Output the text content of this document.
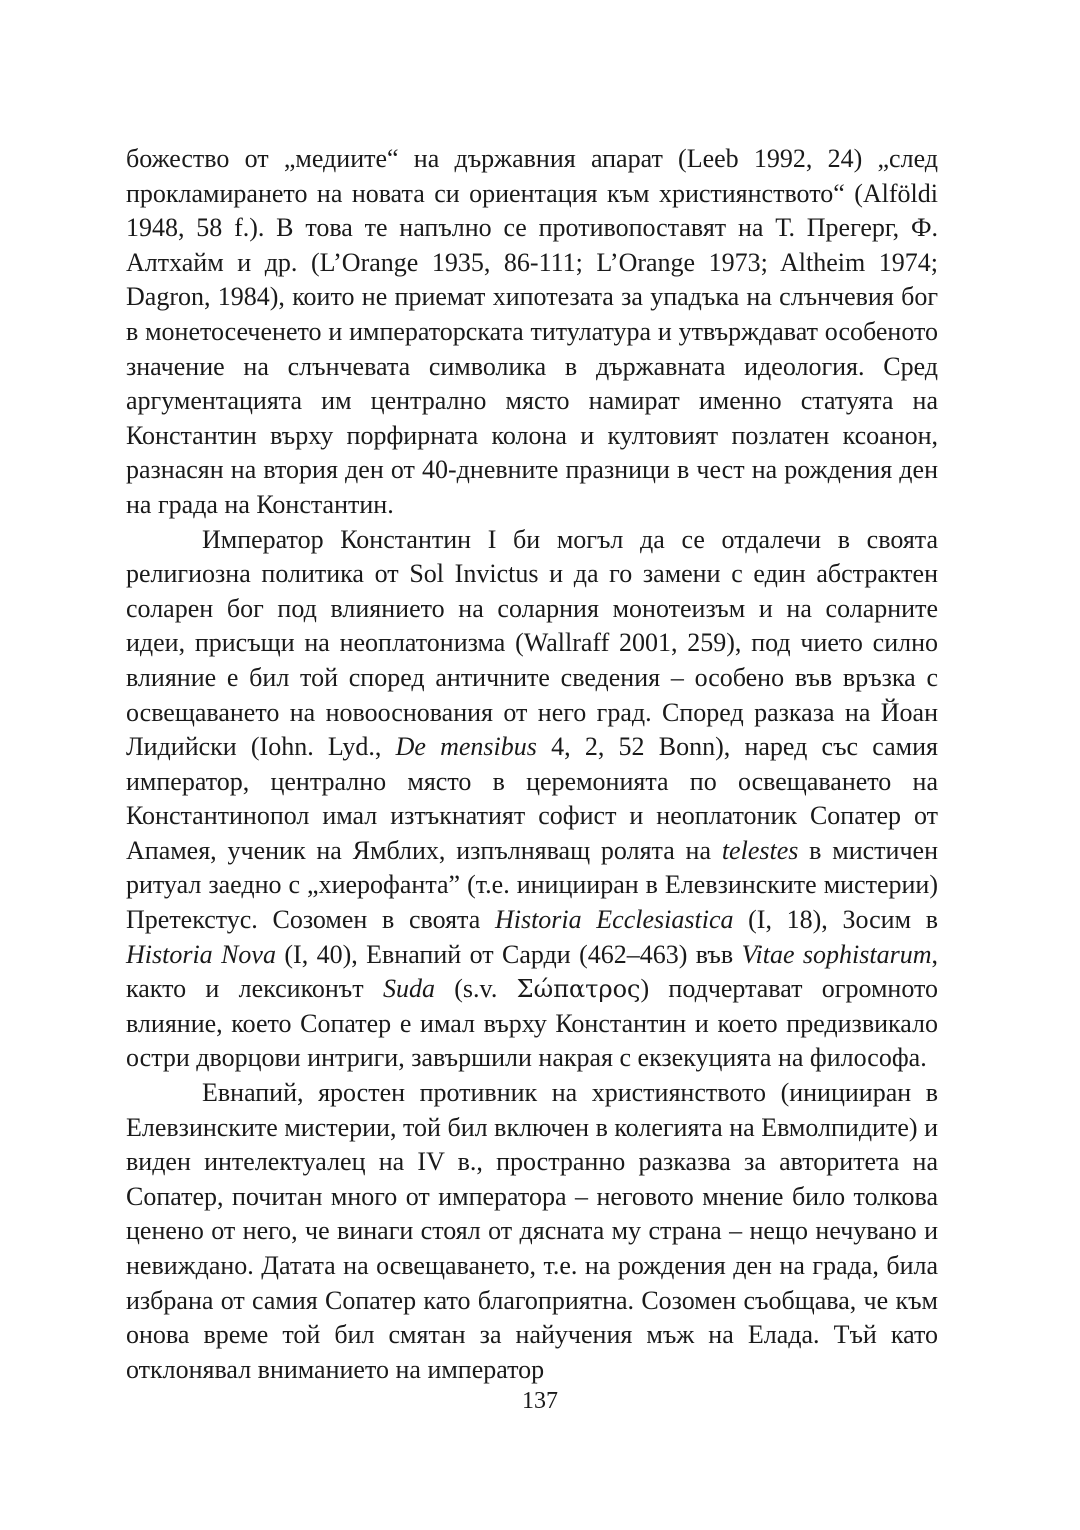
божество от „медиите“ на държавния апарат (Leeb 1992, 24) „след прокламирането на новата си ориентация към християнството“ (Alföldi 1948, 58 f.). В това те напълно се противопоставят на Т. Прегерг, Ф. Алтхайм и др. (L’Orange 1935, 86-111; L’Orange 1973; Altheim 1974; Dagron, 1984), които не приемат хипотезата за упадъка на слънчевия бог в монетосеченето и императорската титулатура и утвърждават особеното значение на слънчевата символика в държавната идеология. Сред аргументацията им централно място намират именно статуята на Константин върху порфирната колона и култовият позлатен ксоанон, разнасян на втория ден от 40-дневните празници в чест на рождения ден на града на Константин.

Император Константин I би могъл да се отдалечи в своята религиозна политика от Sol Invictus и да го замени с един абстрактен соларен бог под влиянието на соларния монотеизъм и на соларните идеи, присъщи на неоплатонизма (Wallraff 2001, 259), под чието силно влияние е бил той според античните сведения – особено във връзка с освещаването на новооснования от него град. Според разказа на Йоан Лидийски (Iohn. Lyd., De mensibus 4, 2, 52 Bonn), наред със самия император, централно място в церемонията по освещаването на Константинопол имал изтъкнатият софист и неоплатоник Сопатер от Апамея, ученик на Ямблих, изпълняващ ролята на telestes в мистичен ритуал заедно с „хиерофанта” (т.е. иницииран в Елевзинските мистерии) Претекстус. Созомен в своята Historia Ecclesiastica (I, 18), Зосим в Historia Nova (I, 40), Евнапий от Сарди (462–463) във Vitae sophistarum, както и лексиконът Suda (s.v. Σώπατρος) подчертават огромното влияние, което Сопатер е имал върху Константин и което предизвикало остри дворцови интриги, завършили накрая с екзекуцията на философа.

Евнапий, яростен противник на християнството (иницииран в Елевзинските мистерии, той бил включен в колегията на Евмолпидите) и виден интелектуалец на IV в., пространно разказва за авторитета на Сопатер, почитан много от императора – неговото мнение било толкова ценено от него, че винаги стоял от дясната му страна – нещо нечувано и невиждано. Датата на освещаването, т.е. на рождения ден на града, била избрана от самия Сопатер като благоприятна. Созомен съобщава, че към онова време той бил смятан за найучения мъж на Елада. Тъй като отклонявал вниманието на император

137
